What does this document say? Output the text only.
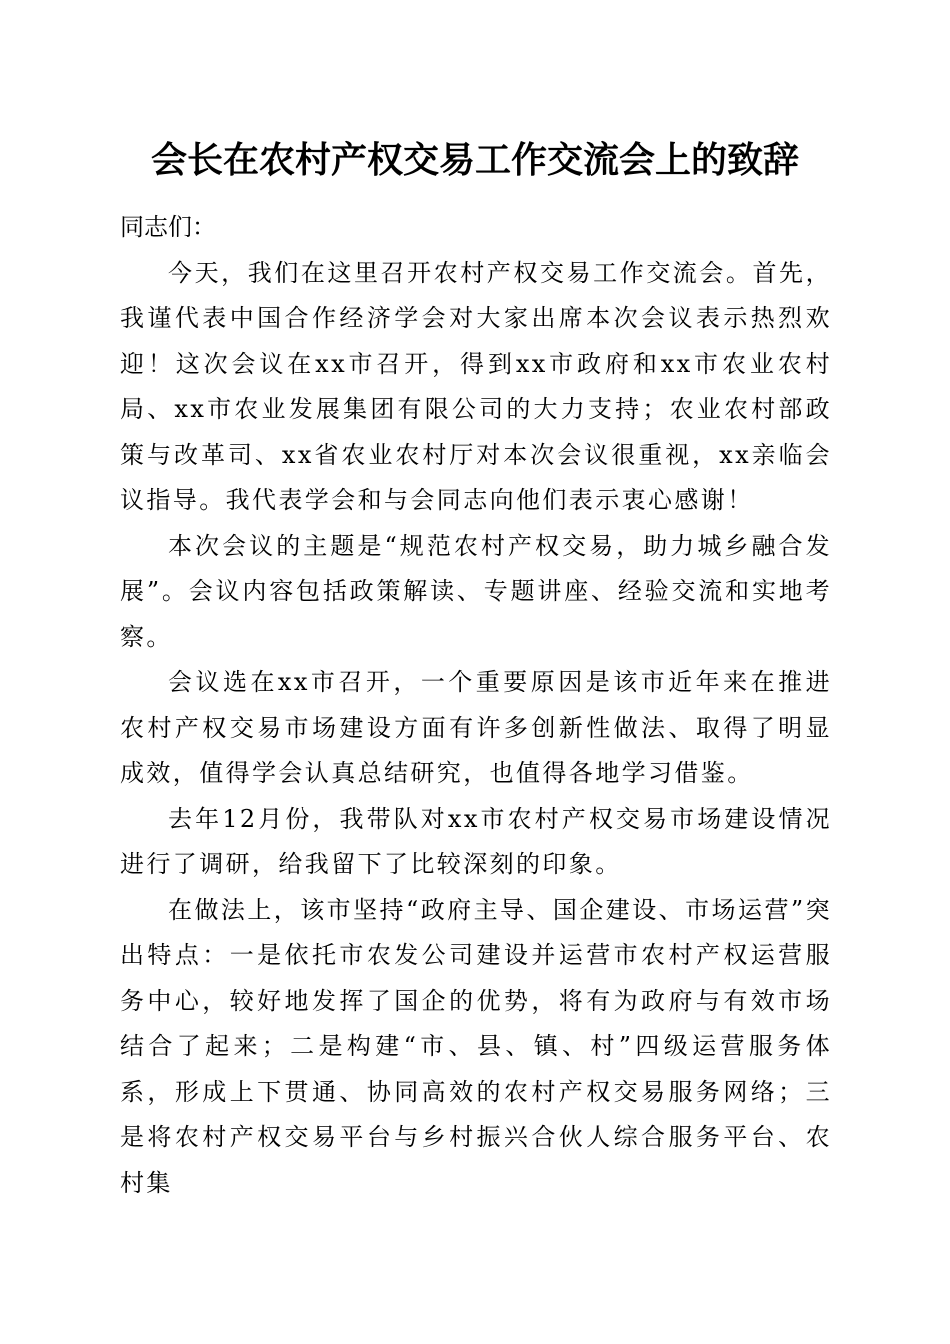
会长在农村产权交易工作交流会上的致辞

同志们：

今天，我们在这里召开农村产权交易工作交流会。首先，我谨代表中国合作经济学会对大家出席本次会议表示热烈欢迎！这次会议在xx市召开，得到xx市政府和xx市农业农村局、xx市农业发展集团有限公司的大力支持；农业农村部政策与改革司、xx省农业农村厅对本次会议很重视，xx亲临会议指导。我代表学会和与会同志向他们表示衷心感谢！

本次会议的主题是“规范农村产权交易，助力城乡融合发展”。会议内容包括政策解读、专题讲座、经验交流和实地考察。

会议选在xx市召开，一个重要原因是该市近年来在推进农村产权交易市场建设方面有许多创新性做法、取得了明显成效，值得学会认真总结研究，也值得各地学习借鉴。

去年12月份，我带队对xx市农村产权交易市场建设情况进行了调研，给我留下了比较深刻的印象。

在做法上，该市坚持“政府主导、国企建设、市场运营”突出特点：一是依托市农发公司建设并运营市农村产权运营服务中心，较好地发挥了国企的优势，将有为政府与有效市场结合了起来；二是构建“市、县、镇、村”四级运营服务体系，形成上下贯通、协同高效的农村产权交易服务网络；三是将农村产权交易平台与乡村振兴合伙人综合服务平台、农村集
